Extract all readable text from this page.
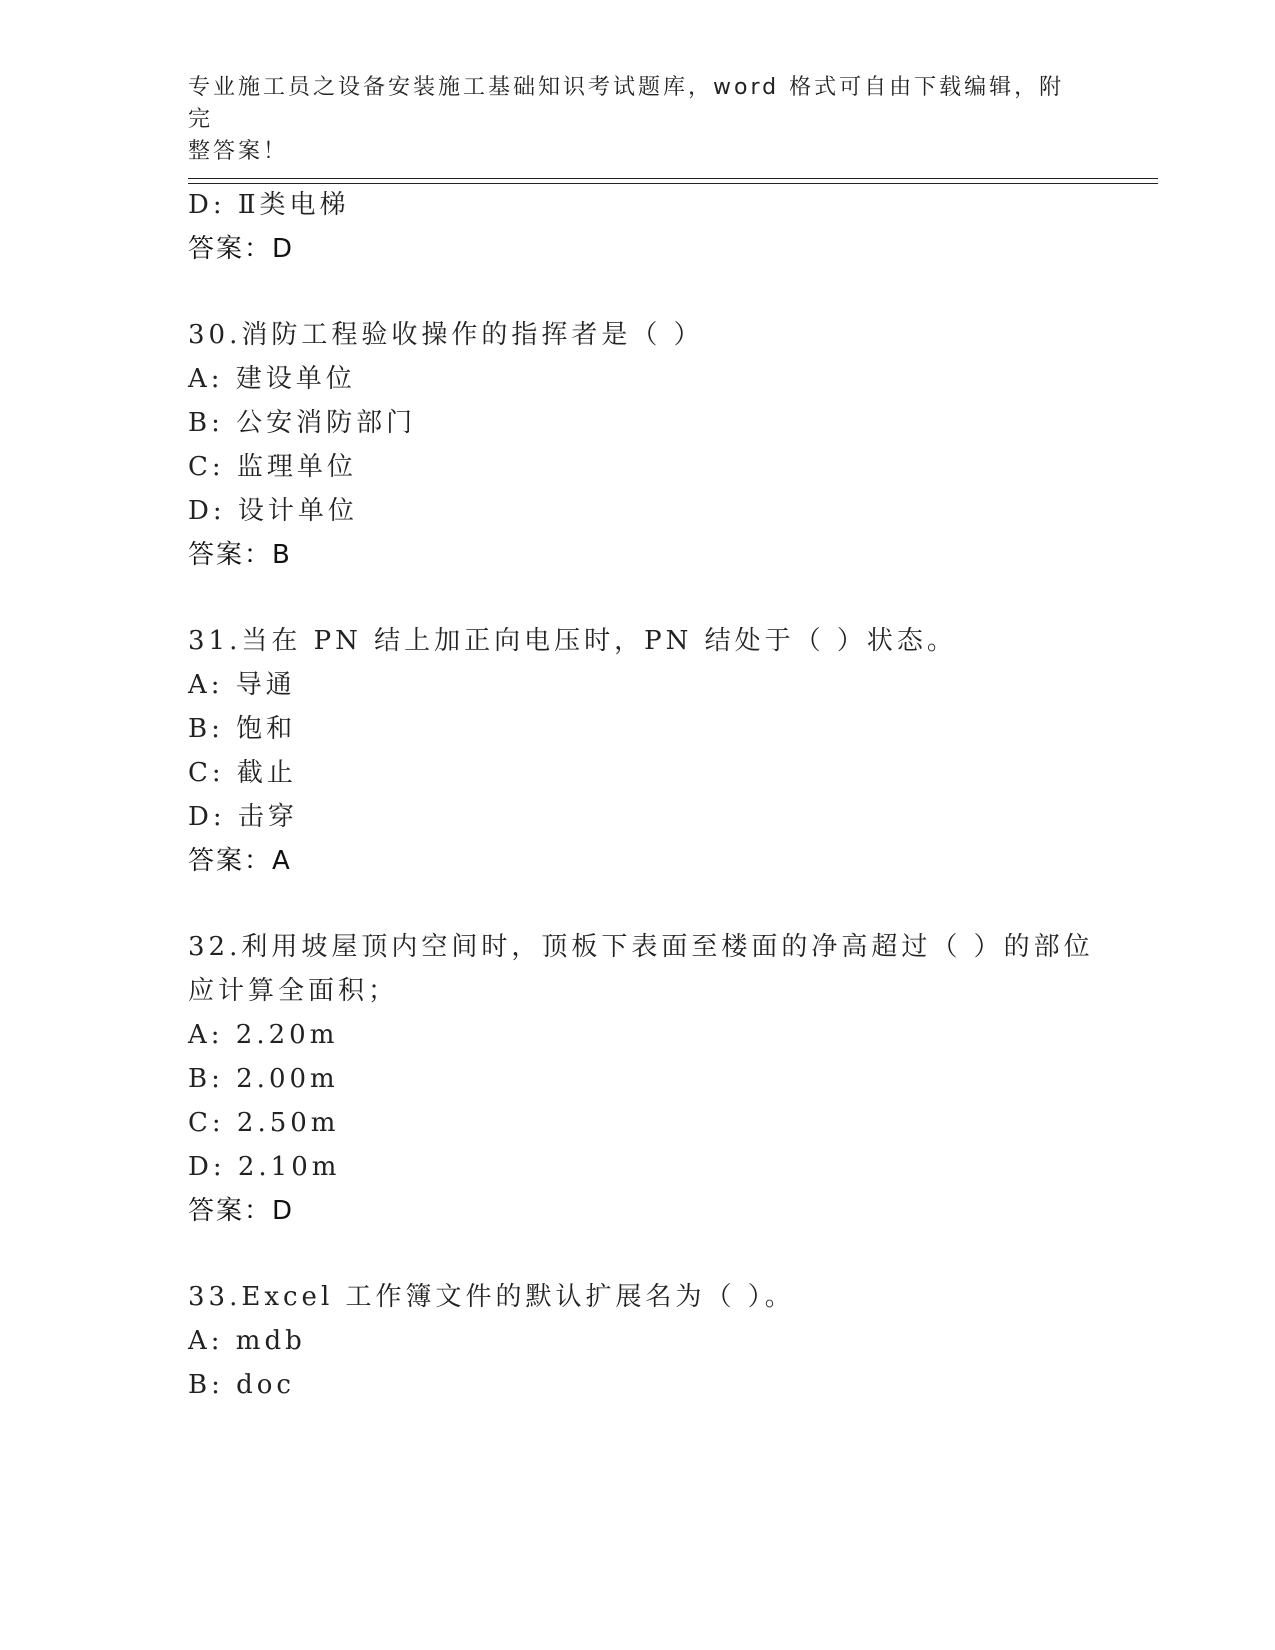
专业施工员之设备安装施工基础知识考试题库，word 格式可自由下载编辑，附完
整答案！
D: Ⅱ类电梯
答案：D
30.消防工程验收操作的指挥者是（ ）
A: 建设单位
B: 公安消防部门
C: 监理单位
D: 设计单位
答案：B
31.当在 PN 结上加正向电压时，PN 结处于（ ）状态。
A: 导通
B: 饱和
C: 截止
D: 击穿
答案：A
32.利用坡屋顶内空间时，顶板下表面至楼面的净高超过（ ）的部位
应计算全面积；
A: 2.20m
B: 2.00m
C: 2.50m
D: 2.10m
答案：D
33.Excel 工作簿文件的默认扩展名为（ ）。
A: mdb
B: doc
